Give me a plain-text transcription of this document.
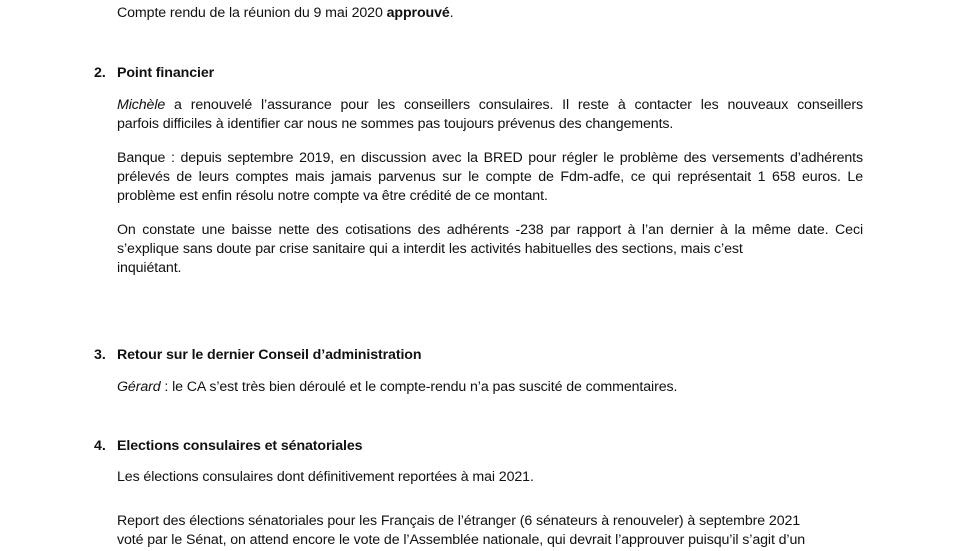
Compte rendu de la réunion du 9 mai 2020 approuvé.

2. Point financier

Michèle a renouvelé l’assurance pour les conseillers consulaires. Il reste à contacter les nouveaux conseillers

parfois difficiles à identifier car nous ne sommes pas toujours prévenus des changements.

Banque : depuis septembre 2019, en discussion avec la BRED pour régler le problème des versements d’adhérents

prélevés de leurs comptes mais jamais parvenus sur le compte de Fdm-adfe, ce qui représentait 1 658 euros. Le

problème est enfin résolu notre compte va être crédité de ce montant.

On constate une baisse nette des cotisations des adhérents -238 par rapport à l’an dernier à la même date. Ceci

s’explique sans doute par crise sanitaire qui a interdit les activités habituelles des sections, mais c’est

inquiétant.

3. Retour sur le dernier Conseil d’administration

Gérard : le CA s’est très bien déroulé et le compte-rendu n’a pas suscité de commentaires.

4. Elections consulaires et sénatoriales

Les élections consulaires dont définitivement reportées à mai 2021.

Report des élections sénatoriales pour les Français de l’étranger (6 sénateurs à renouveler) à septembre 2021

voté par le Sénat, on attend encore le vote de l’Assemblée nationale, qui devrait l’approuver puisqu’il s’agit d’un
